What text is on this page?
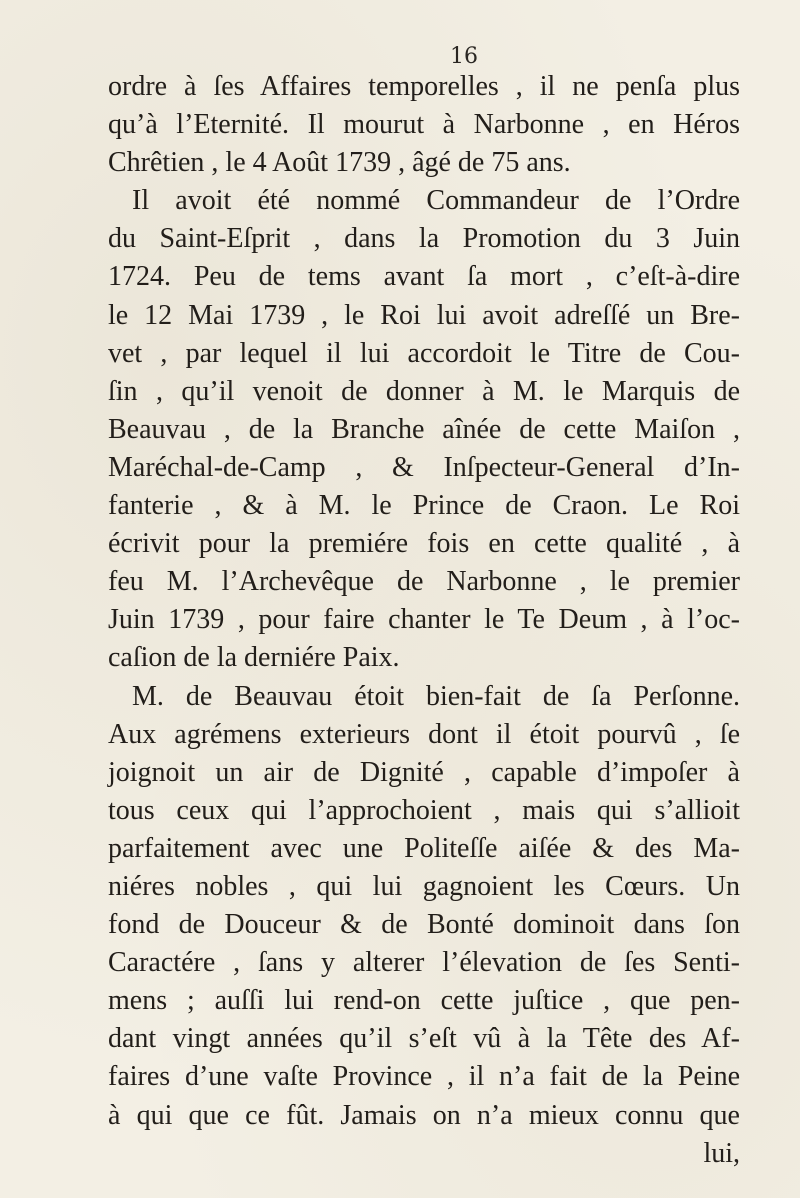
16
ordre à ſes Affaires temporelles , il ne penſa plus
qu’à l’Eternité. Il mourut à Narbonne , en Héros
Chrêtien , le 4 Août 1739 , âgé de 75 ans.
Il avoit été nommé Commandeur de l’Ordre
du Saint-Eſprit , dans la Promotion du 3 Juin
1724. Peu de tems avant ſa mort , c’eſt-à-dire
le 12 Mai 1739 , le Roi lui avoit adreſſé un Bre-
vet , par lequel il lui accordoit le Titre de Cou-
ſin , qu’il venoit de donner à M. le Marquis de
Beauvau , de la Branche aînée de cette Maiſon ,
Maréchal-de-Camp , & Inſpecteur-General d’In-
fanterie , & à M. le Prince de Craon. Le Roi
écrivit pour la premiére fois en cette qualité , à
feu M. l’Archevêque de Narbonne , le premier
Juin 1739 , pour faire chanter le Te Deum , à l’oc-
caſion de la derniére Paix.
M. de Beauvau étoit bien-fait de ſa Perſonne.
Aux agrémens exterieurs dont il étoit pourvû , ſe
joignoit un air de Dignité , capable d’impoſer à
tous ceux qui l’approchoient , mais qui s’allioit
parfaitement avec une Politeſſe aiſée & des Ma-
niéres nobles , qui lui gagnoient les Cœurs. Un
fond de Douceur & de Bonté dominoit dans ſon
Caractére , ſans y alterer l’élevation de ſes Senti-
mens ; auſſi lui rend-on cette juſtice , que pen-
dant vingt années qu’il s’eſt vû à la Tête des Af-
faires d’une vaſte Province , il n’a fait de la Peine
à qui que ce fût. Jamais on n’a mieux connu que
lui,
